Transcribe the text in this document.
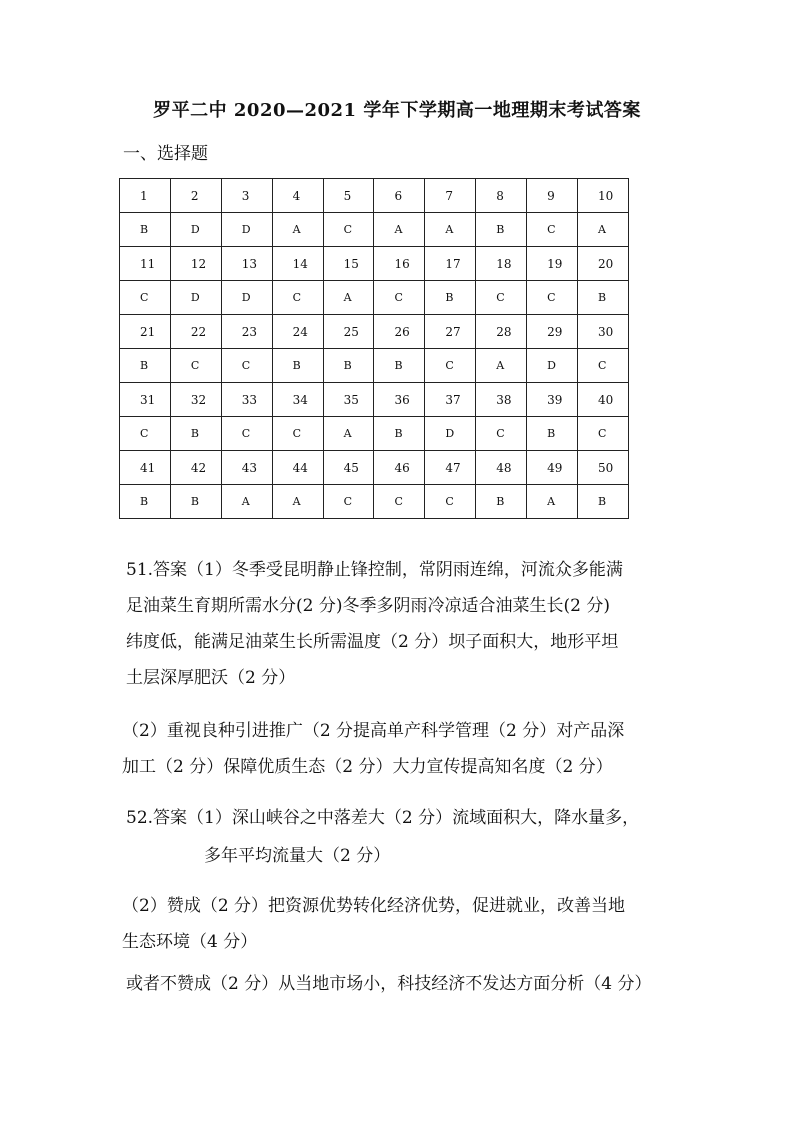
罗平二中 2020—2021 学年下学期高一地理期末考试答案
一、选择题
1	2	3	4	5	6	7	8	9	10
B	D	D	A	C	A	A	B	C	A
11	12	13	14	15	16	17	18	19	20
C	D	D	C	A	C	B	C	C	B
21	22	23	24	25	26	27	28	29	30
B	C	C	B	B	B	C	A	D	C
31	32	33	34	35	36	37	38	39	40
C	B	C	C	A	B	D	C	B	C
41	42	43	44	45	46	47	48	49	50
B	B	A	A	C	C	C	B	A	B
51.答案（1）冬季受昆明静止锋控制，常阴雨连绵，河流众多能满
足油菜生育期所需水分(2 分)冬季多阴雨冷凉适合油菜生长(2 分)
纬度低，能满足油菜生长所需温度（2 分）坝子面积大，地形平坦
土层深厚肥沃（2 分）
（2）重视良种引进推广（2 分提高单产科学管理（2 分）对产品深
加工（2 分）保障优质生态（2 分）大力宣传提高知名度（2 分）
52.答案（1）深山峡谷之中落差大（2 分）流域面积大，降水量多，
多年平均流量大（2 分）
（2）赞成（2 分）把资源优势转化经济优势，促进就业，改善当地
生态环境（4 分）
或者不赞成（2 分）从当地市场小，科技经济不发达方面分析（4 分）
